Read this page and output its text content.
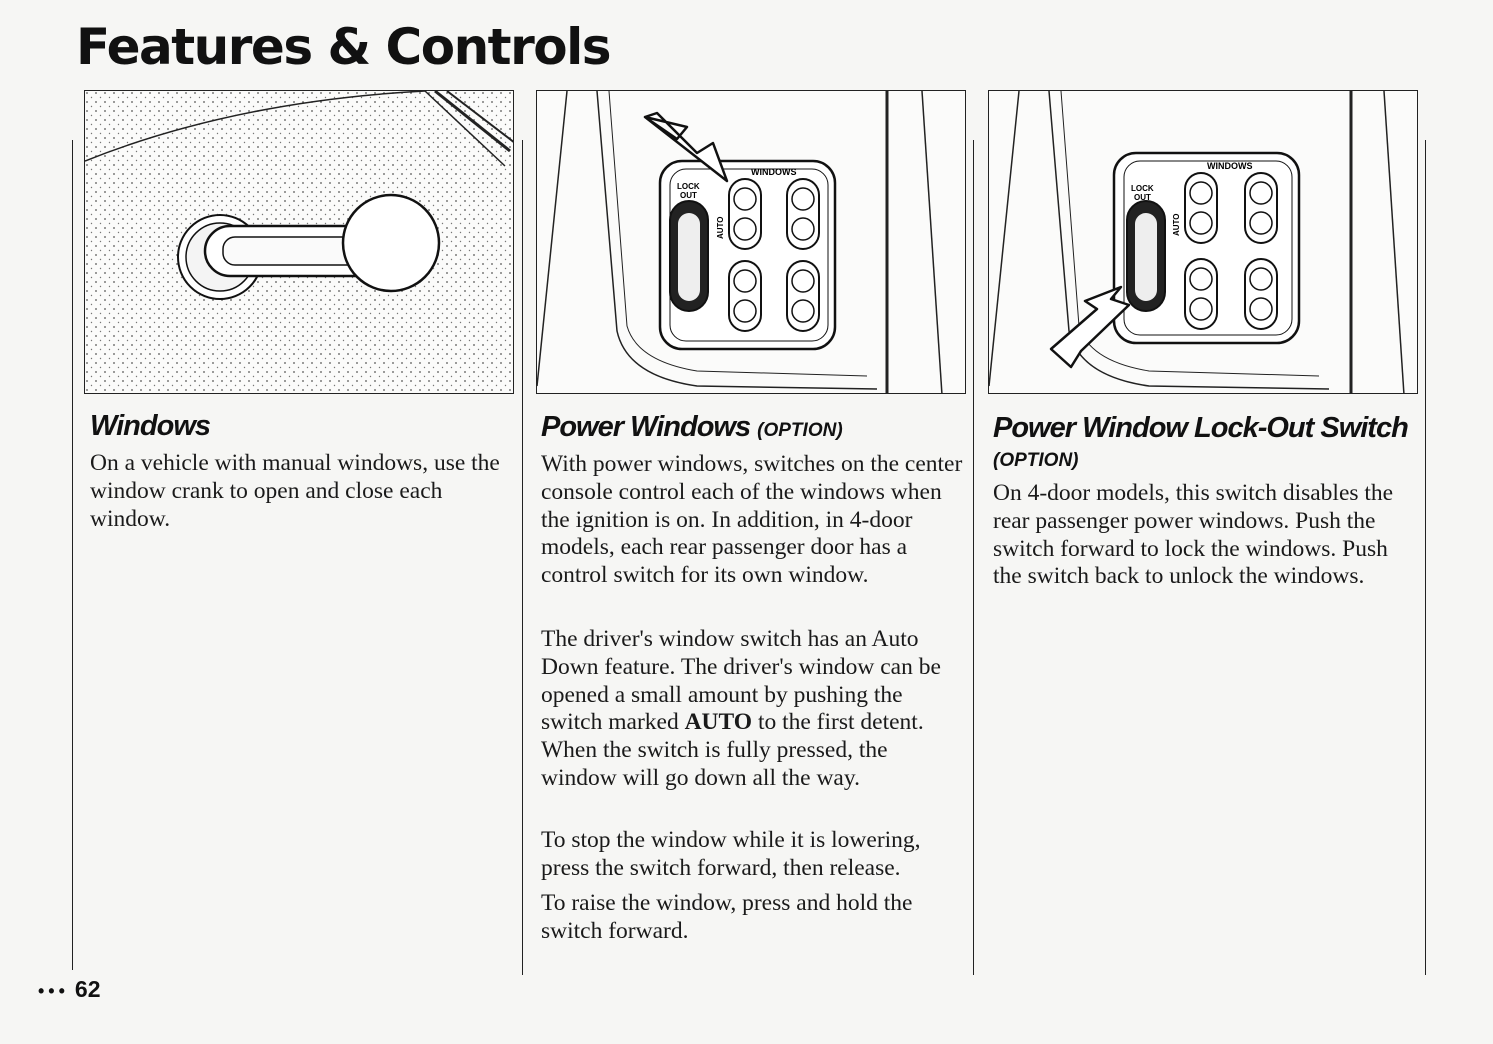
Features & Controls
WINDOWS
LOCK
OUT
AUTO
WINDOWS
LOCK
OUT
AUTO
Windows

On a vehicle with manual windows, use the window crank to open and close each window.

Power Windows (OPTION)

With power windows, switches on the center console control each of the windows when the ignition is on. In addition, in 4-door models, each rear passenger door has a control switch for its own window.

The driver's window switch has an Auto Down feature. The driver's window can be opened a small amount by pushing the switch marked AUTO to the first detent. When the switch is fully pressed, the window will go down all the way.

To stop the window while it is lowering, press the switch forward, then release.

To raise the window, press and hold the switch forward.

Power Window Lock-Out Switch

(OPTION)

On 4-door models, this switch disables the rear passenger power windows. Push the switch forward to lock the windows. Push the switch back to unlock the windows.

••• 62
